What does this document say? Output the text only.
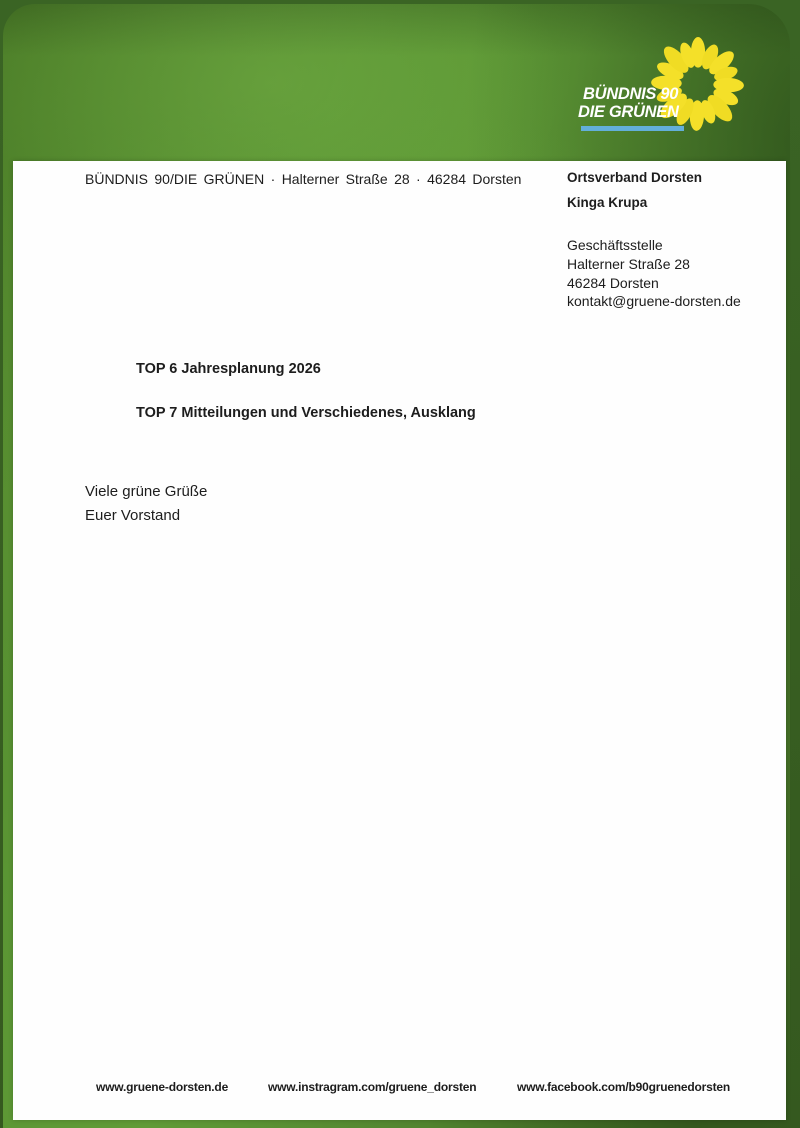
BÜNDNIS 90
DIE GRÜNEN
BÜNDNIS 90/DIE GRÜNEN · Halterner Straße 28 · 46284 Dorsten	Ortsverband Dorsten
Kinga Krupa
Geschäftsstelle
Halterner Straße 28
46284 Dorsten
kontakt@gruene-dorsten.de
TOP 6 Jahresplanung 2026
TOP 7 Mitteilungen und Verschiedenes, Ausklang
Viele grüne Grüße
Euer Vorstand
www.gruene-dorsten.de	www.instragram.com/gruene_dorsten	www.facebook.com/b90gruenedorsten
